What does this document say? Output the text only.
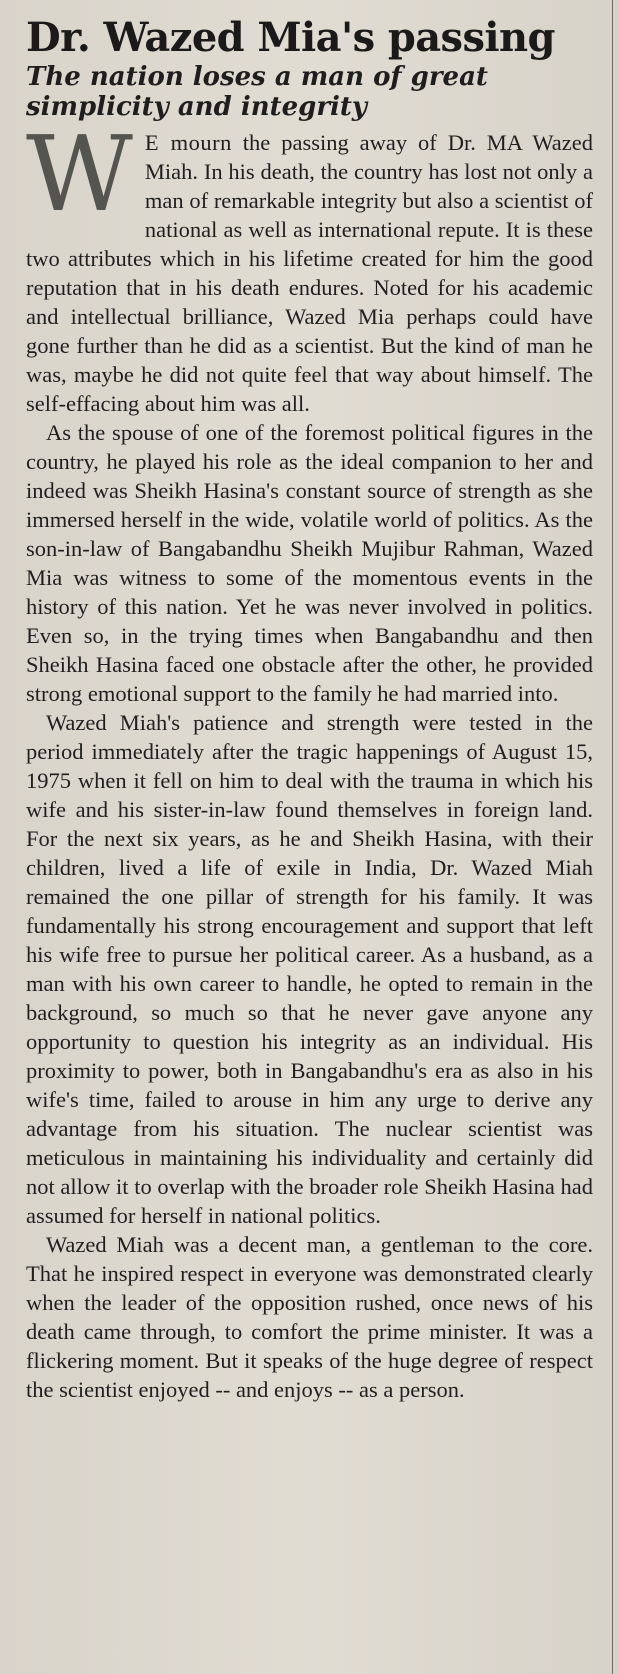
Dr. Wazed Mia's passing
The nation loses a man of great simplicity and integrity

W E mourn the passing away of Dr. MA Wazed Miah. In his death, the country has lost not only a man of remarkable integrity but also a scientist of national as well as international repute. It is these two attributes which in his lifetime created for him the good reputation that in his death endures. Noted for his academic and intellectual brilliance, Wazed Mia perhaps could have gone further than he did as a scientist. But the kind of man he was, maybe he did not quite feel that way about himself. The self-effacing about him was all.

As the spouse of one of the foremost political figures in the country, he played his role as the ideal companion to her and indeed was Sheikh Hasina's constant source of strength as she immersed herself in the wide, volatile world of politics. As the son-in-law of Bangabandhu Sheikh Mujibur Rahman, Wazed Mia was witness to some of the momentous events in the history of this nation. Yet he was never involved in politics. Even so, in the trying times when Bangabandhu and then Sheikh Hasina faced one obstacle after the other, he provided strong emotional support to the family he had married into.

Wazed Miah's patience and strength were tested in the period immediately after the tragic happenings of August 15, 1975 when it fell on him to deal with the trauma in which his wife and his sister-in-law found themselves in foreign land. For the next six years, as he and Sheikh Hasina, with their children, lived a life of exile in India, Dr. Wazed Miah remained the one pillar of strength for his family. It was fundamentally his strong encouragement and support that left his wife free to pursue her political career. As a husband, as a man with his own career to handle, he opted to remain in the background, so much so that he never gave anyone any opportunity to question his integrity as an individual. His proximity to power, both in Bangabandhu's era as also in his wife's time, failed to arouse in him any urge to derive any advantage from his situation. The nuclear scientist was meticulous in maintaining his individuality and certainly did not allow it to overlap with the broader role Sheikh Hasina had assumed for herself in national politics.

Wazed Miah was a decent man, a gentleman to the core. That he inspired respect in everyone was demonstrated clearly when the leader of the opposition rushed, once news of his death came through, to comfort the prime minister. It was a flickering moment. But it speaks of the huge degree of respect the scientist enjoyed -- and enjoys -- as a person.
